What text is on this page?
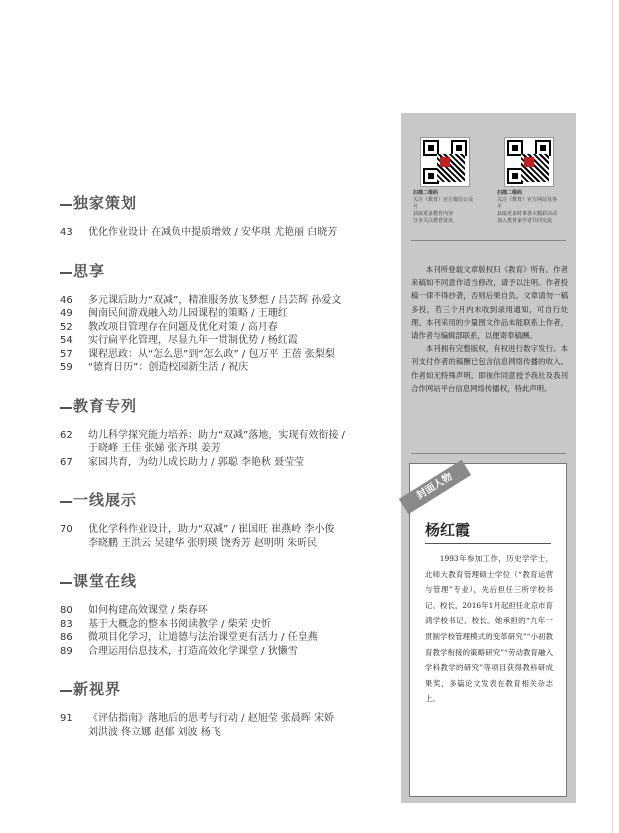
独家策划
43	优化作业设计 在减负中提质增效 / 安华琪 尤艳丽 白晓芳
思享
46	多元课后助力“双减”，精准服务放飞梦想 / 吕芸辉 孙爱文
49	闽南民间游戏融入幼儿园课程的策略 / 王珊红
52	教改项目管理存在问题及优化对策 / 高月春
54	实行扁平化管理，尽显九年一贯制优势 / 杨红霞
57	课程思政：从“怎么思”到“怎么政” / 包万平 王蓓 张梨梨
59	“德育日历”：创造校园新生活 / 祝庆
教育专列
62	幼儿科学探究能力培养：助力“双减”落地，实现有效衔接 /
于晓峰 王佳 张娣 张齐琪 姜芳
67	家园共育，为幼儿成长助力 / 郭聪 李艳秋 聂莹莹
一线展示
70	优化学科作业设计，助力“双减” / 崔国旺 崔燕岭 李小俊
李晓鹏 王洪云 吴建华 张明瑛 饶秀芳 赵明明 朱昕民
课堂在线
80	如何构建高效课堂 / 柴春环
83	基于大概念的整本书阅读教学 / 柴荣 史忻
86	微项目化学习，让道德与法治课堂更有活力 / 任皇燕
89	合理运用信息技术，打造高效化学课堂 / 狄懒雪
新视界
91	《评估指南》落地后的思考与行动 / 赵旭莹 张晨晖 宋娇
刘洪波 佟立娜 赵郁 刘波 杨飞
扫描二维码
关注《教育》官方微信公众号
获取更多教育内容
分享关注教育资讯
扫描二维码
关注《教育》官方网站及各平
获取更多时事各大精彩活动
加入教育家学者共同交流

本刊所登载文章版权归《教育》所有。作者来稿如不同意作适当修改，请予以注明。作者投稿一律不得抄袭，否则后果自负。文章请勿一稿多投，若三个月内未收到录用通知，可自行处理。本刊采用的少量图文作品未能联系上作者，请作者与编辑部联系，以便寄奉稿酬。

本刊拥有完整版权，有权进行数字发行。本刊支付作者的稿酬已包含信息网络传播的收入。作者如无特殊声明，即视作同意授予我社及我刊合作网站平台信息网络传播权，特此声明。

封面人物
杨红霞

1993年参加工作，历史学学士，北师大教育管理硕士学位（“教育运营与管理”专业），先后担任三所学校书记、校长，2016年1月起担任北京市育鸿学校书记、校长。她承担的“九年一贯制学校管理模式的变革研究”“小初教育教学衔接的策略研究”“劳动教育融入学科教学的研究”等项目获得教科研成果奖，多篇论文发表在教育相关杂志上。
